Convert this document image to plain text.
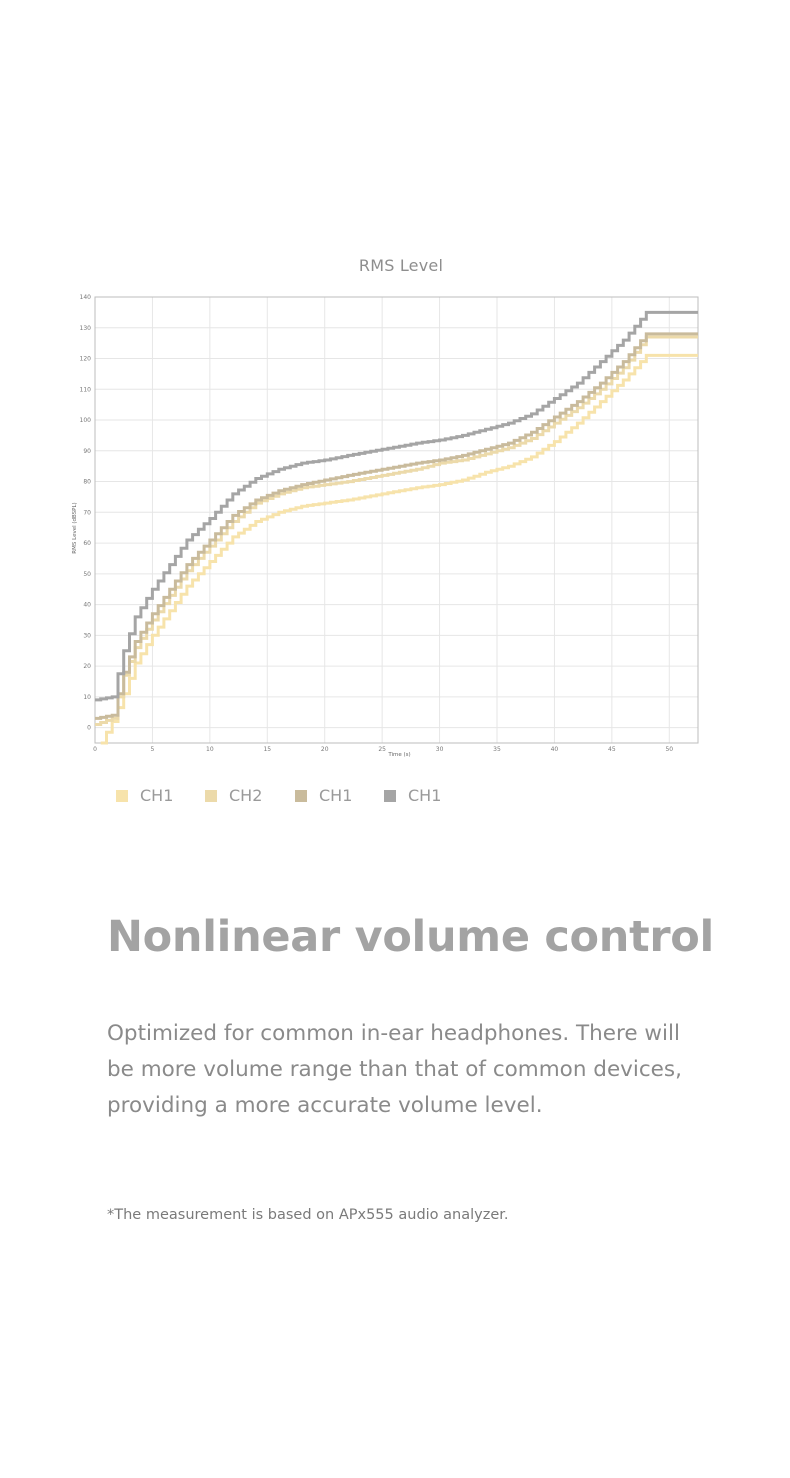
RMS Level
0	5	10	15	20	25	30	35	40	45	50
0
10
20
30
40
50
60
70
80
90
100
110
120
130
140
Time (s)
RMS Level (dBSPL)
CH1	CH2	CH1	CH1
Nonlinear volume control

Optimized for common in-ear headphones. There will be more volume range than that of common devices, providing a more accurate volume level.

*The measurement is based on APx555 audio analyzer.
